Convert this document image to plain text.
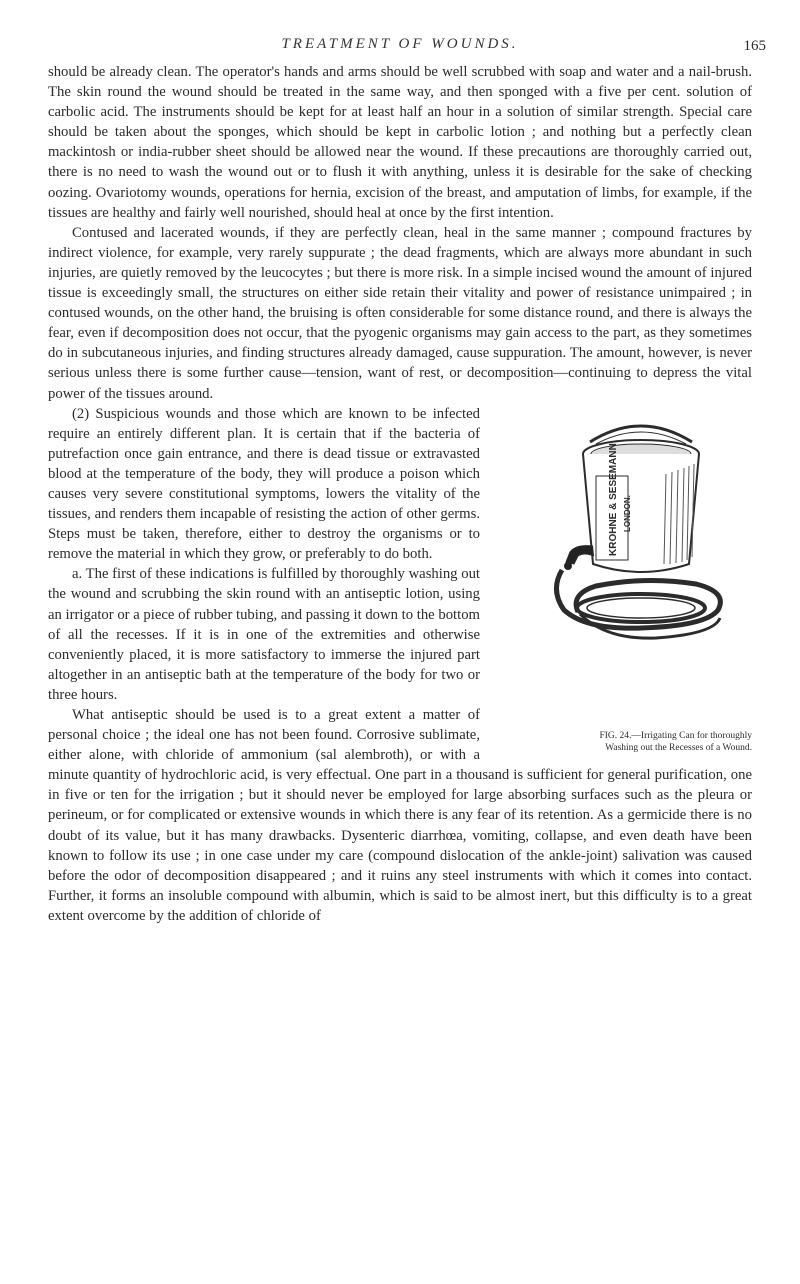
TREATMENT OF WOUNDS.	165

should be already clean. The operator's hands and arms should be well scrubbed with soap and water and a nail-brush. The skin round the wound should be treated in the same way, and then sponged with a five per cent. solution of carbolic acid. The instruments should be kept for at least half an hour in a solution of similar strength. Special care should be taken about the sponges, which should be kept in carbolic lotion ; and nothing but a perfectly clean mackintosh or india-rubber sheet should be allowed near the wound. If these precautions are thoroughly carried out, there is no need to wash the wound out or to flush it with anything, unless it is desirable for the sake of checking oozing. Ovariotomy wounds, operations for hernia, excision of the breast, and amputation of limbs, for example, if the tissues are healthy and fairly well nourished, should heal at once by the first intention.

Contused and lacerated wounds, if they are perfectly clean, heal in the same manner ; compound fractures by indirect violence, for example, very rarely suppurate ; the dead fragments, which are always more abundant in such injuries, are quietly removed by the leucocytes ; but there is more risk. In a simple incised wound the amount of injured tissue is exceedingly small, the structures on either side retain their vitality and power of resistance unimpaired ; in contused wounds, on the other hand, the bruising is often considerable for some distance round, and there is always the fear, even if decomposition does not occur, that the pyogenic organisms may gain access to the part, as they sometimes do in subcutaneous injuries, and finding structures already damaged, cause suppuration. The amount, however, is never serious unless there is some further cause—tension, want of rest, or decomposition—continuing to depress the vital power of the tissues around.

KROHNE & SESEMANN, LONDON.
FIG. 24.—Irrigating Can for thoroughly
Washing out the Recesses of a Wound.

(2) Suspicious wounds and those which are known to be infected require an entirely different plan. It is certain that if the bacteria of putrefaction once gain entrance, and there is dead tissue or extravasted blood at the temperature of the body, they will produce a poison which causes very severe constitutional symptoms, lowers the vitality of the tissues, and renders them incapable of resisting the action of other germs. Steps must be taken, therefore, either to destroy the organisms or to remove the material in which they grow, or preferably to do both.

a. The first of these indications is fulfilled by thoroughly washing out the wound and scrubbing the skin round with an antiseptic lotion, using an irrigator or a piece of rubber tubing, and passing it down to the bottom of all the recesses. If it is in one of the extremities and otherwise conveniently placed, it is more satisfactory to immerse the injured part altogether in an antiseptic bath at the temperature of the body for two or three hours.

What antiseptic should be used is to a great extent a matter of personal choice ; the ideal one has not been found. Corrosive sublimate, either alone, with chloride of ammonium (sal alembroth), or with a minute quantity of hydrochloric acid, is very effectual. One part in a thousand is sufficient for general purification, one in five or ten for the irrigation ; but it should never be employed for large absorbing surfaces such as the pleura or perineum, or for complicated or extensive wounds in which there is any fear of its retention. As a germicide there is no doubt of its value, but it has many drawbacks. Dysenteric diarrhœa, vomiting, collapse, and even death have been known to follow its use ; in one case under my care (compound dislocation of the ankle-joint) salivation was caused before the odor of decomposition disappeared ; and it ruins any steel instruments with which it comes into contact. Further, it forms an insoluble compound with albumin, which is said to be almost inert, but this difficulty is to a great extent overcome by the addition of chloride of
